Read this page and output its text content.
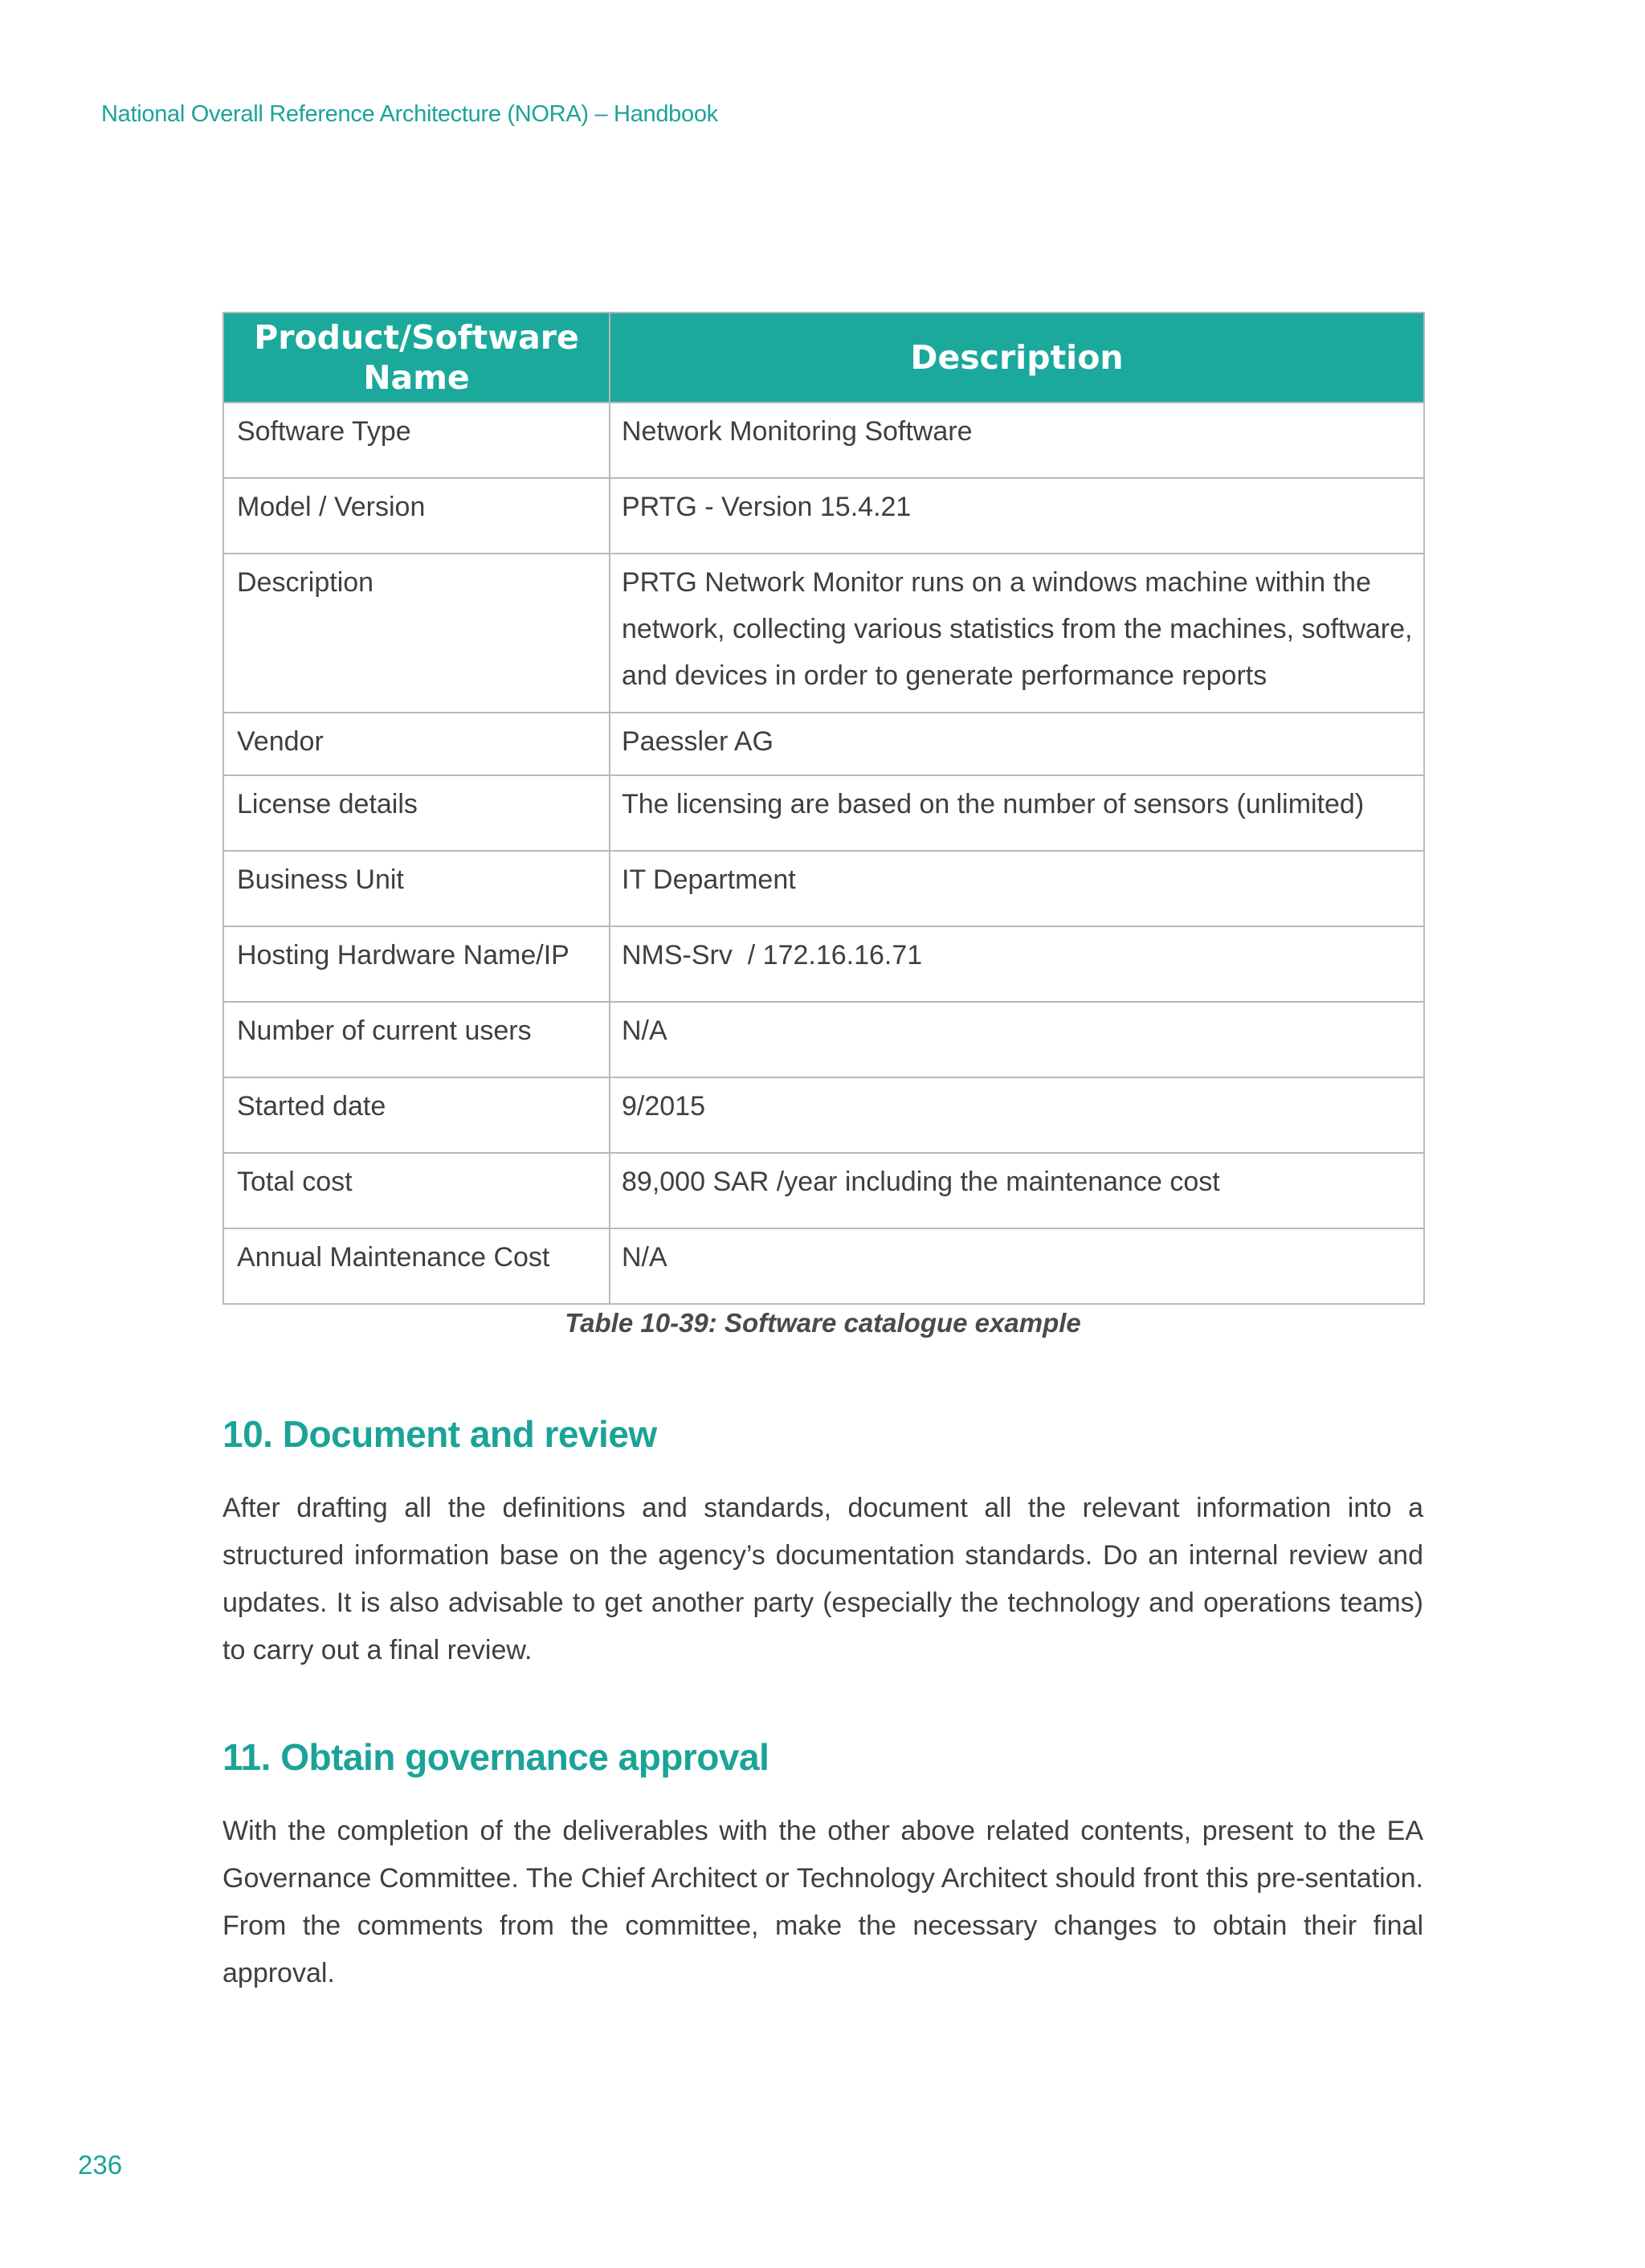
National Overall Reference Architecture (NORA) – Handbook
Product/Software Name	Description
Software Type	Network Monitoring Software
Model / Version	PRTG - Version 15.4.21
Description	PRTG Network Monitor runs on a windows machine within the network, collecting various statistics from the machines, software, and devices in order to generate performance reports
Vendor	Paessler AG
License details	The licensing are based on the number of sensors (unlimited)
Business Unit	IT Department
Hosting Hardware Name/IP	NMS-Srv  / 172.16.16.71
Number of current users	N/A
Started date	9/2015
Total cost	89,000 SAR /year including the maintenance cost
Annual Maintenance Cost	N/A
Table 10-39: Software catalogue example
10. Document and review

After drafting all the definitions and standards, document all the relevant information into a structured information base on the agency’s documentation standards. Do an internal review and updates. It is also advisable to get another party (especially the technology and operations teams) to carry out a final review.

11. Obtain governance approval

With the completion of the deliverables with the other above related contents, present to the EA Governance Committee. The Chief Architect or Technology Architect should front this pre-sentation. From the comments from the committee, make the necessary changes to obtain their final approval.

236
